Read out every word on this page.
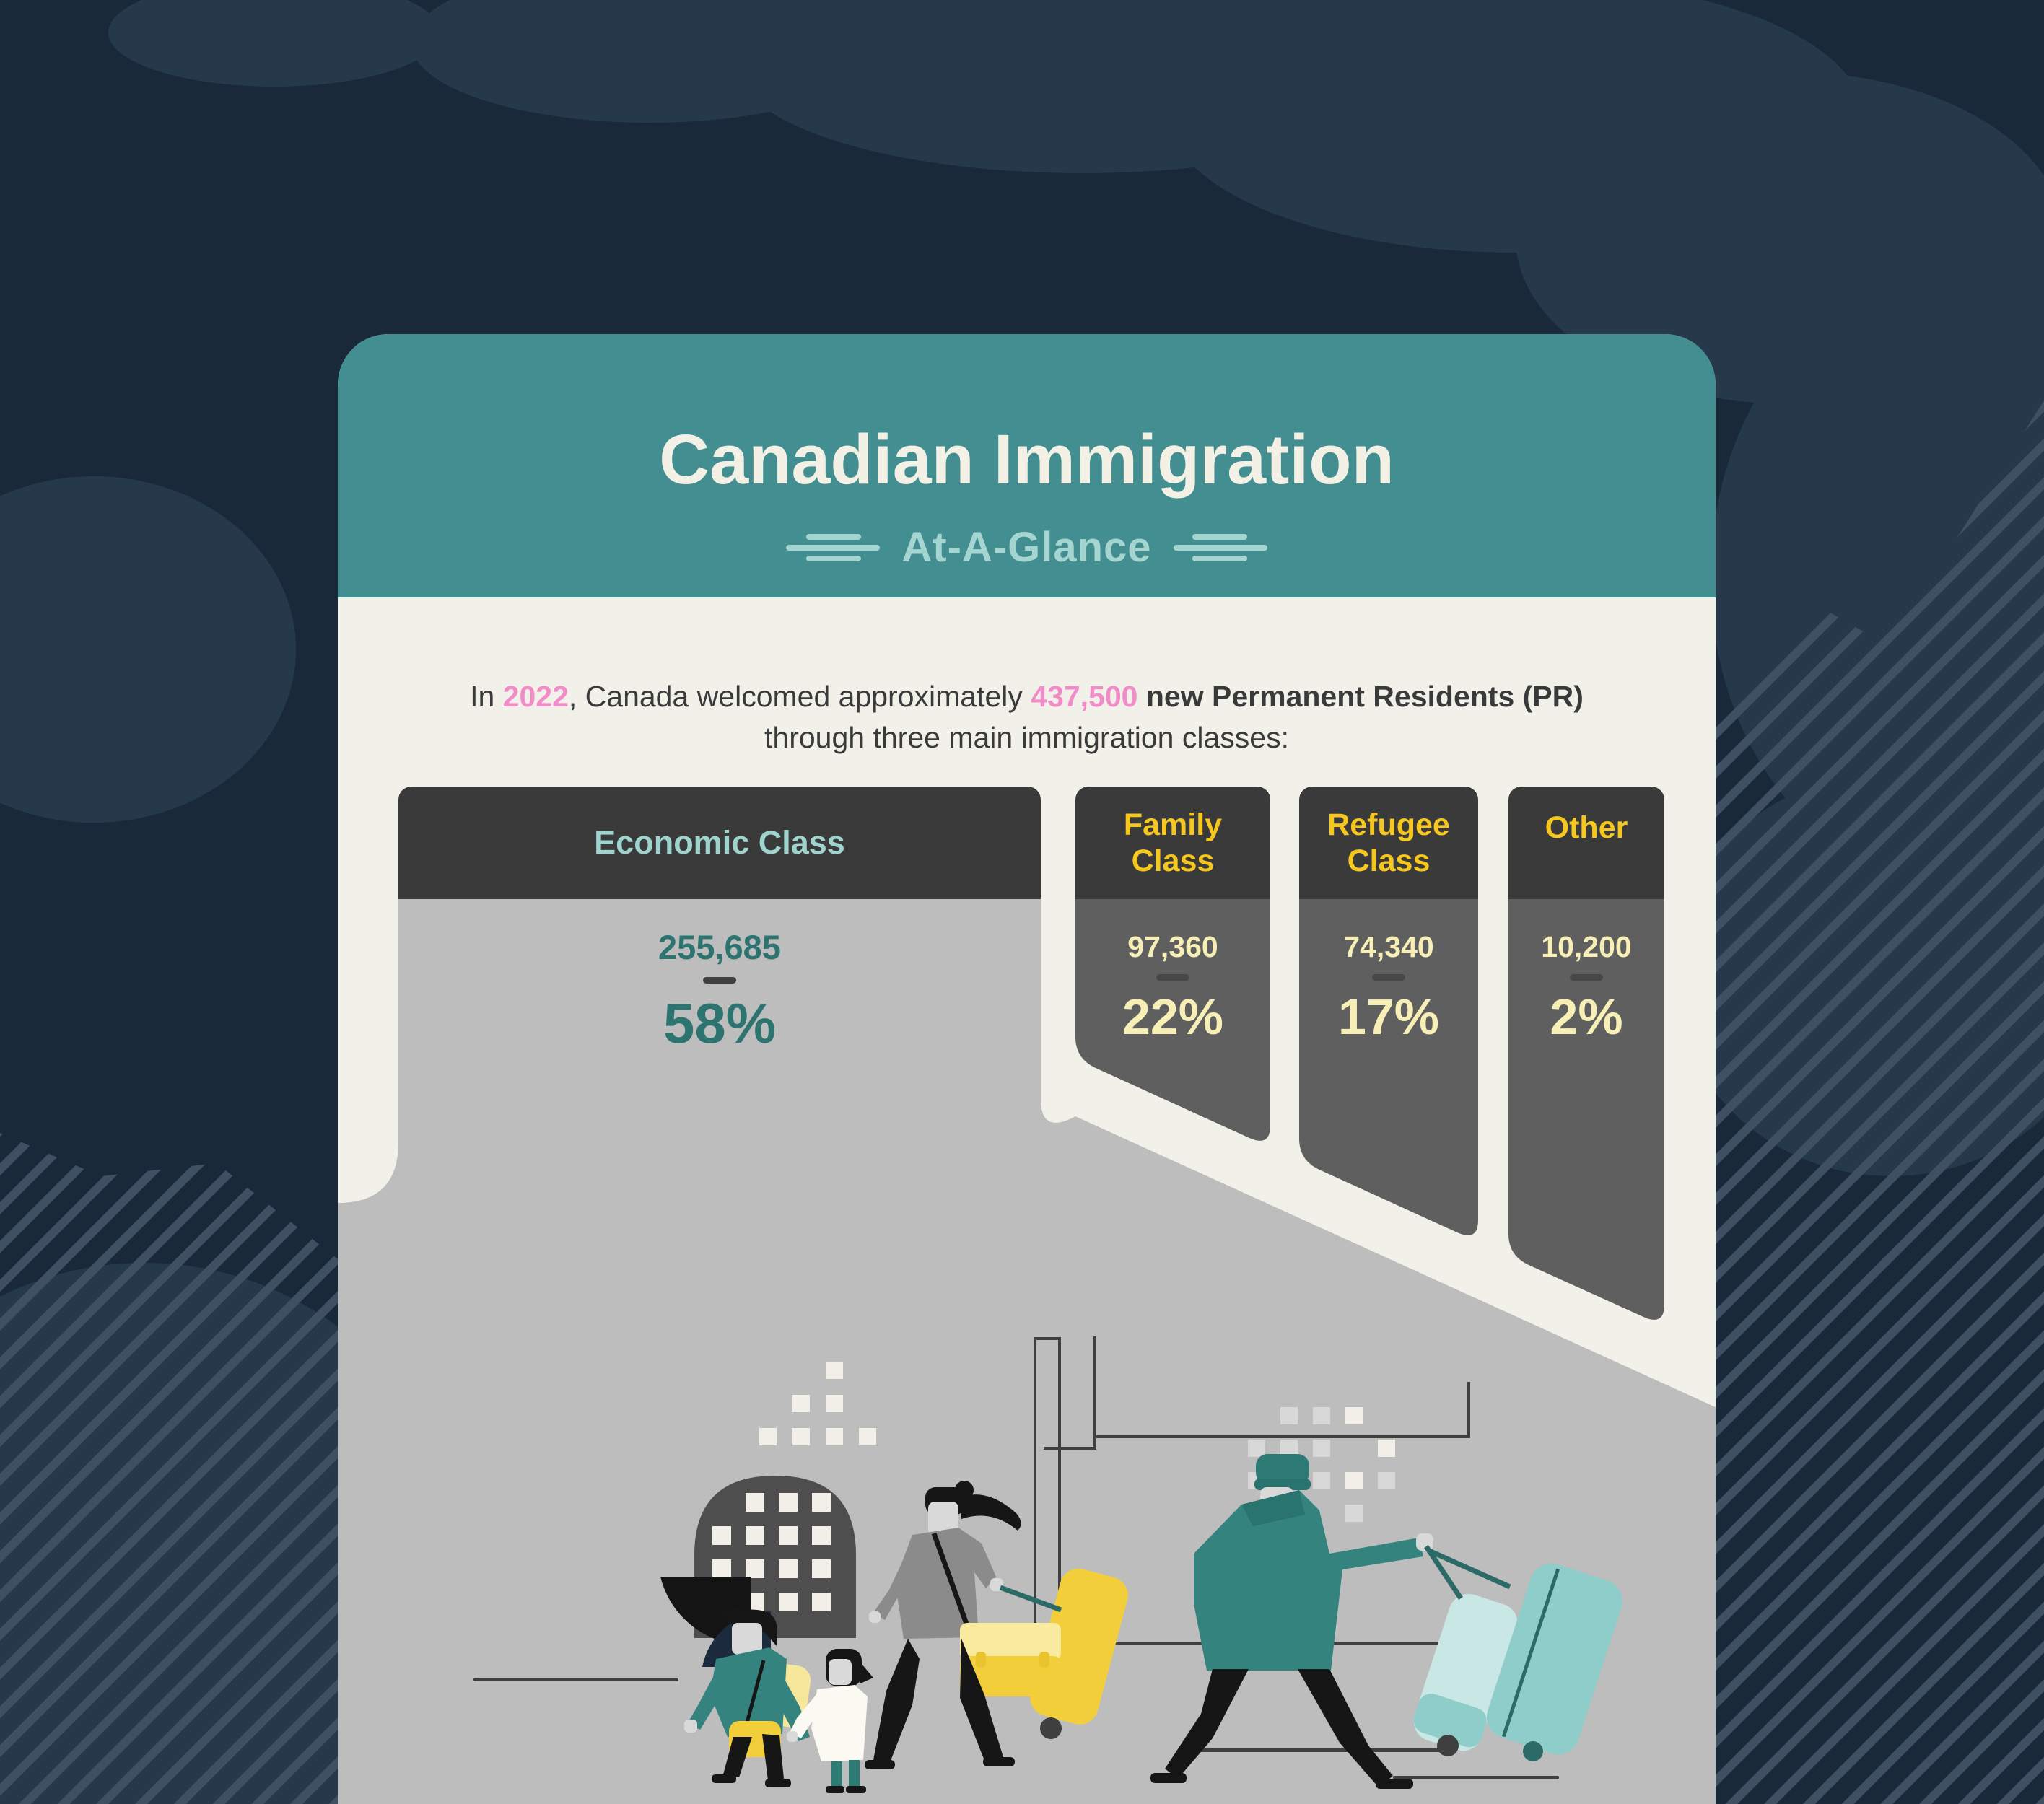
Canadian Immigration
At-A-Glance
In 2022, Canada welcomed approximately 437,500 new Permanent Residents (PR)
through three main immigration classes:
Economic Class	Family
Class
Refugee
Class
Other
255,685
58%
97,360
22%
74,340
17%
10,200
2%
